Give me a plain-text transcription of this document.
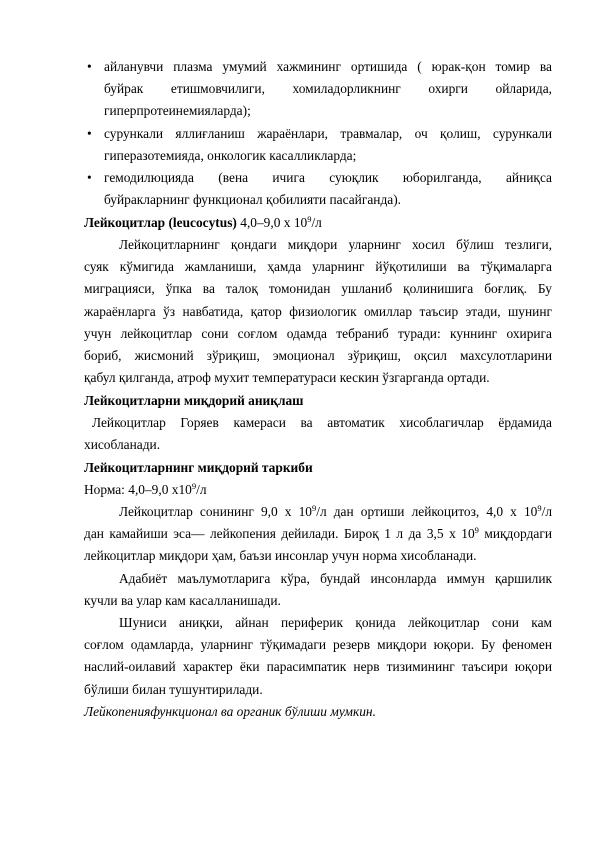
• айланувчи плазма умумий хажмининг ортишида ( юрак-қон томир ва
буйрак етишмовчилиги, хомиладорликнинг охирги ойларида,
гиперпротеинемияларда);
• сурункали яллиғланиш жараёнлари, травмалар, оч қолиш, сурункали
гиперазотемияда, онкологик касалликларда;
• гемодилюцияда (вена ичига суюқлик юборилганда, айниқса
буйракларнинг функционал қобилияти пасайганда).
Лейкоцитлар (leucocytus) 4,0–9,0 х $10^9/л$
Лейкоцитларнинг қондаги миқдори уларнинг хосил бўлиш тезлиги,
суяк кўмигида жамланиши, ҳамда уларнинг йўқотилиши ва тўқималарга
миграцияси, ўпка ва талоқ томонидан ушланиб қолинишига боғлиқ. Бу
жараёнларга ўз навбатида, қатор физиологик омиллар таъсир этади, шунинг
учун лейкоцитлар сони соғлом одамда тебраниб туради: куннинг охирига
бориб, жисмоний зўриқиш, эмоционал зўриқиш, оқсил махсулотларини
қабул қилганда, атроф мухит температураси кескин ўзгарганда ортади.
Лейкоцитларни миқдорий аниқлаш
Лейкоцитлар Горяев камераси ва автоматик хисоблагичлар ёрдамида
хисобланади.
Лейкоцитларнинг миқдорий таркиби
Норма: 4,0–9,0 $х10^9/л$
Лейкоцитлар сонининг 9,0 х $10^9/л$ дан ортиши лейкоцитоз, 4,0 х $10^9/л$
дан камайиши эса— лейкопения дейилади. Бироқ 1 л да 3,5 х $10^9$ миқдордаги
лейкоцитлар миқдори ҳам, баъзи инсонлар учун норма хисобланади.
Адабиёт маълумотларига кўра, бундай инсонларда иммун қаршилик
кучли ва улар кам касалланишади.
Шуниси аниқки, айнан периферик қонида лейкоцитлар сони кам
соғлом одамларда, уларнинг тўқимадаги резерв миқдори юқори. Бу феномен
наслий-оилавий характер ёки парасимпатик нерв тизимининг таъсири юқори
бўлиши билан тушунтирилади.
Лейкопенияфункционал ва органик бўлиши мумкин.
